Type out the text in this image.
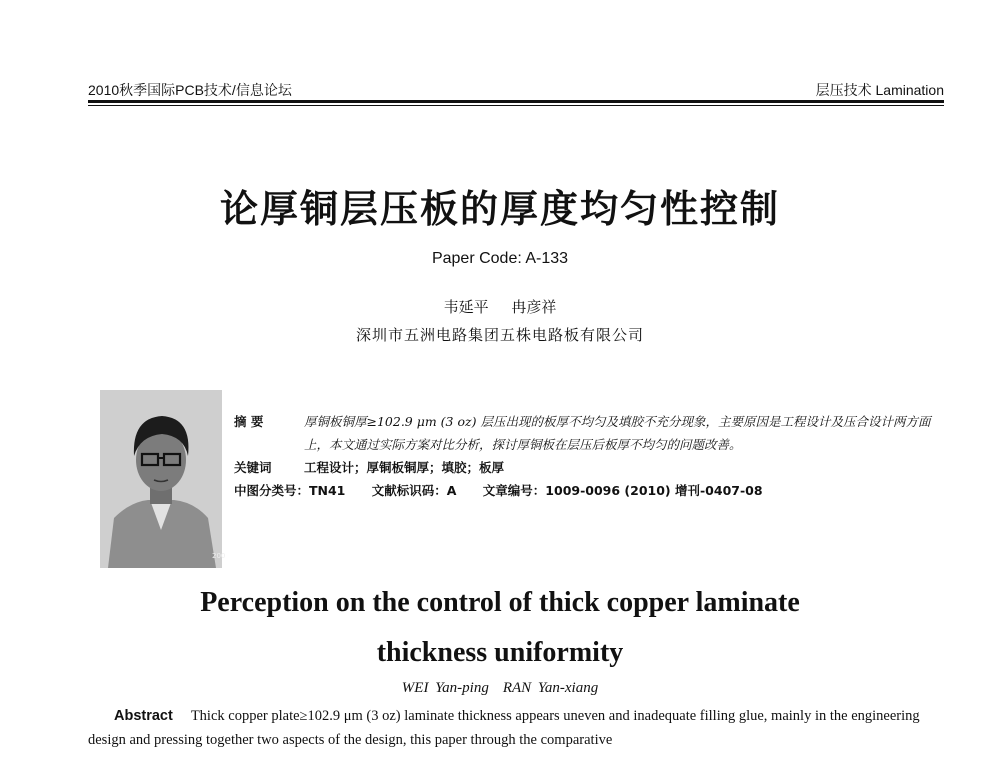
2010秋季国际PCB技术/信息论坛	层压技术 Lamination
论厚铜层压板的厚度均匀性控制
Paper Code: A-133
韦延平 冉彦祥
深圳市五洲电路集团五株电路板有限公司
200
摘 要	厚铜板铜厚≥102.9 μm (3 oz) 层压出现的板厚不均匀及填胶不充分现象，主要原因是工程设计及压合设计两方面上，本文通过实际方案对比分析，探讨厚铜板在层压后板厚不均匀的问题改善。
关键词	工程设计；厚铜板铜厚；填胶；板厚
中图分类号：TN41 文献标识码：A 文章编号：1009-0096 (2010) 增刊-0407-08
Perception on the control of thick copper laminate
thickness uniformity
WEI Yan-ping RAN Yan-xiang
Abstract Thick copper plate≥102.9 μm (3 oz) laminate thickness appears uneven and inadequate filling glue, mainly in the engineering design and pressing together two aspects of the design, this paper through the comparative
